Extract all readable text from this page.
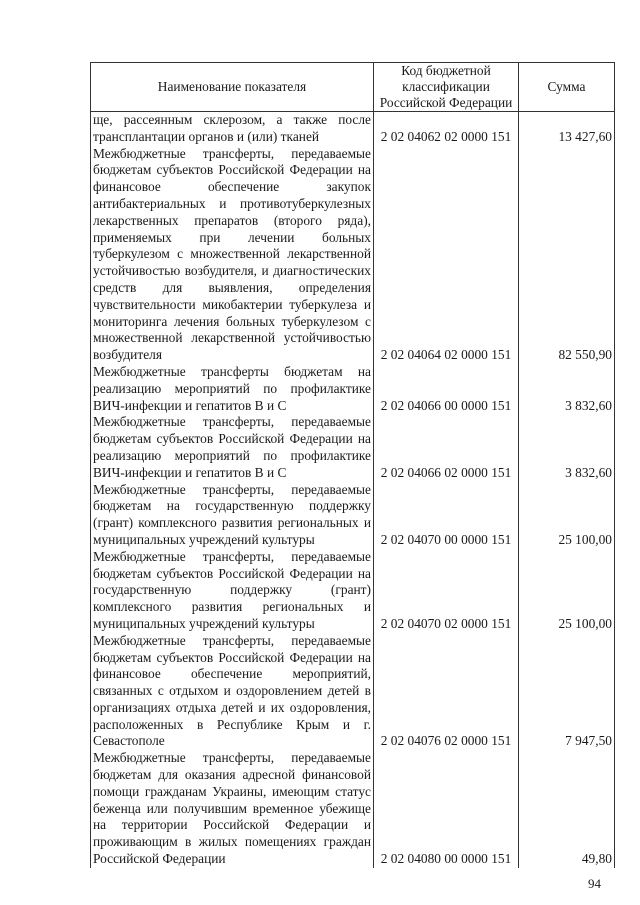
Наименование показателя	Код бюджетной классификации Российской Федерации	Сумма
ще, рассеянным склерозом, а также после трансплантации органов и (или) тканей	2 02 04062 02 0000 151	13 427,60
Межбюджетные трансферты, передаваемые бюджетам субъектов Российской Федерации на финансовое обеспечение закупок антибактериальных и противотуберкулезных лекарственных препаратов (второго ряда), применяемых при лечении больных туберкулезом с множественной лекарственной устойчивостью возбудителя, и диагностических средств для выявления, определения чувствительности микобактерии туберкулеза и мониторинга лечения больных туберкулезом с множественной лекарственной устойчивостью возбудителя	2 02 04064 02 0000 151	82 550,90
Межбюджетные трансферты бюджетам на реализацию мероприятий по профилактике ВИЧ-инфекции и гепатитов В и С	2 02 04066 00 0000 151	3 832,60
Межбюджетные трансферты, передаваемые бюджетам субъектов Российской Федерации на реализацию мероприятий по профилактике ВИЧ-инфекции и гепатитов В и С	2 02 04066 02 0000 151	3 832,60
Межбюджетные трансферты, передаваемые бюджетам на государственную поддержку (грант) комплексного развития региональных и муниципальных учреждений культуры	2 02 04070 00 0000 151	25 100,00
Межбюджетные трансферты, передаваемые бюджетам субъектов Российской Федерации на государственную поддержку (грант) комплексного развития региональных и муниципальных учреждений культуры	2 02 04070 02 0000 151	25 100,00
Межбюджетные трансферты, передаваемые бюджетам субъектов Российской Федерации на финансовое обеспечение мероприятий, связанных с отдыхом и оздоровлением детей в организациях отдыха детей и их оздоровления, расположенных в Республике Крым и г. Севастополе	2 02 04076 02 0000 151	7 947,50
Межбюджетные трансферты, передаваемые бюджетам для оказания адресной финансовой помощи гражданам Украины, имеющим статус беженца или получившим временное убежище на территории Российской Федерации и проживающим в жилых помещениях граждан Российской Федерации	2 02 04080 00 0000 151	49,80
94
